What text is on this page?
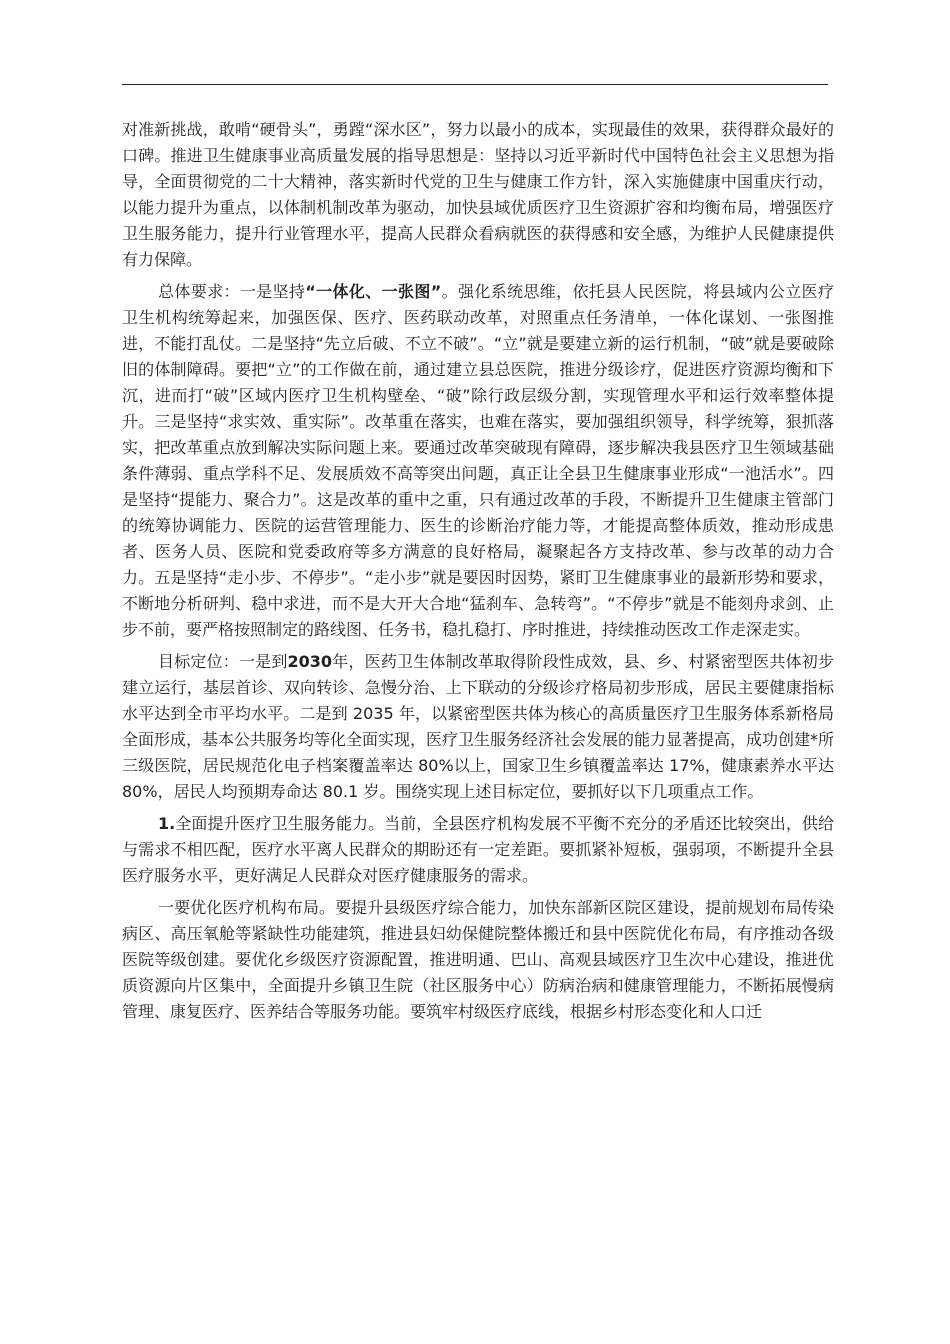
对准新挑战，敢啃“硬骨头”，勇蹚“深水区”，努力以最小的成本，实现最佳的效果，获得群众最好的口碑。推进卫生健康事业高质量发展的指导思想是：坚持以习近平新时代中国特色社会主义思想为指导，全面贯彻党的二十大精神，落实新时代党的卫生与健康工作方针，深入实施健康中国重庆行动，以能力提升为重点，以体制机制改革为驱动，加快县域优质医疗卫生资源扩容和均衡布局，增强医疗卫生服务能力，提升行业管理水平，提高人民群众看病就医的获得感和安全感，为维护人民健康提供有力保障。

总体要求：一是坚持“一体化、一张图”。强化系统思维，依托县人民医院，将县域内公立医疗卫生机构统筹起来，加强医保、医疗、医药联动改革，对照重点任务清单，一体化谋划、一张图推进，不能打乱仗。二是坚持“先立后破、不立不破”。“立”就是要建立新的运行机制，“破”就是要破除旧的体制障碍。要把“立”的工作做在前，通过建立县总医院，推进分级诊疗，促进医疗资源均衡和下沉，进而打“破”区域内医疗卫生机构壁垒、“破”除行政层级分割，实现管理水平和运行效率整体提升。三是坚持“求实效、重实际”。改革重在落实，也难在落实，要加强组织领导，科学统筹，狠抓落实，把改革重点放到解决实际问题上来。要通过改革突破现有障碍，逐步解决我县医疗卫生领域基础条件薄弱、重点学科不足、发展质效不高等突出问题，真正让全县卫生健康事业形成“一池活水”。四是坚持“提能力、聚合力”。这是改革的重中之重，只有通过改革的手段，不断提升卫生健康主管部门的统筹协调能力、医院的运营管理能力、医生的诊断治疗能力等，才能提高整体质效，推动形成患者、医务人员、医院和党委政府等多方满意的良好格局，凝聚起各方支持改革、参与改革的动力合力。五是坚持“走小步、不停步”。“走小步”就是要因时因势，紧盯卫生健康事业的最新形势和要求，不断地分析研判、稳中求进，而不是大开大合地“猛刹车、急转弯”。“不停步”就是不能刻舟求剑、止步不前，要严格按照制定的路线图、任务书，稳扎稳打、序时推进，持续推动医改工作走深走实。

目标定位：一是到2030年，医药卫生体制改革取得阶段性成效，县、乡、村紧密型医共体初步建立运行，基层首诊、双向转诊、急慢分治、上下联动的分级诊疗格局初步形成，居民主要健康指标水平达到全市平均水平。二是到 2035 年，以紧密型医共体为核心的高质量医疗卫生服务体系新格局全面形成，基本公共服务均等化全面实现，医疗卫生服务经济社会发展的能力显著提高，成功创建*所三级医院，居民规范化电子档案覆盖率达 80%以上，国家卫生乡镇覆盖率达 17%，健康素养水平达 80%，居民人均预期寿命达 80.1 岁。围绕实现上述目标定位，要抓好以下几项重点工作。

1.全面提升医疗卫生服务能力。当前，全县医疗机构发展不平衡不充分的矛盾还比较突出，供给与需求不相匹配，医疗水平离人民群众的期盼还有一定差距。要抓紧补短板，强弱项，不断提升全县医疗服务水平，更好满足人民群众对医疗健康服务的需求。

一要优化医疗机构布局。要提升县级医疗综合能力，加快东部新区院区建设，提前规划布局传染病区、高压氧舱等紧缺性功能建筑，推进县妇幼保健院整体搬迁和县中医院优化布局，有序推动各级医院等级创建。要优化乡级医疗资源配置，推进明通、巴山、高观县域医疗卫生次中心建设，推进优质资源向片区集中，全面提升乡镇卫生院（社区服务中心）防病治病和健康管理能力，不断拓展慢病管理、康复医疗、医养结合等服务功能。要筑牢村级医疗底线，根据乡村形态变化和人口迁
